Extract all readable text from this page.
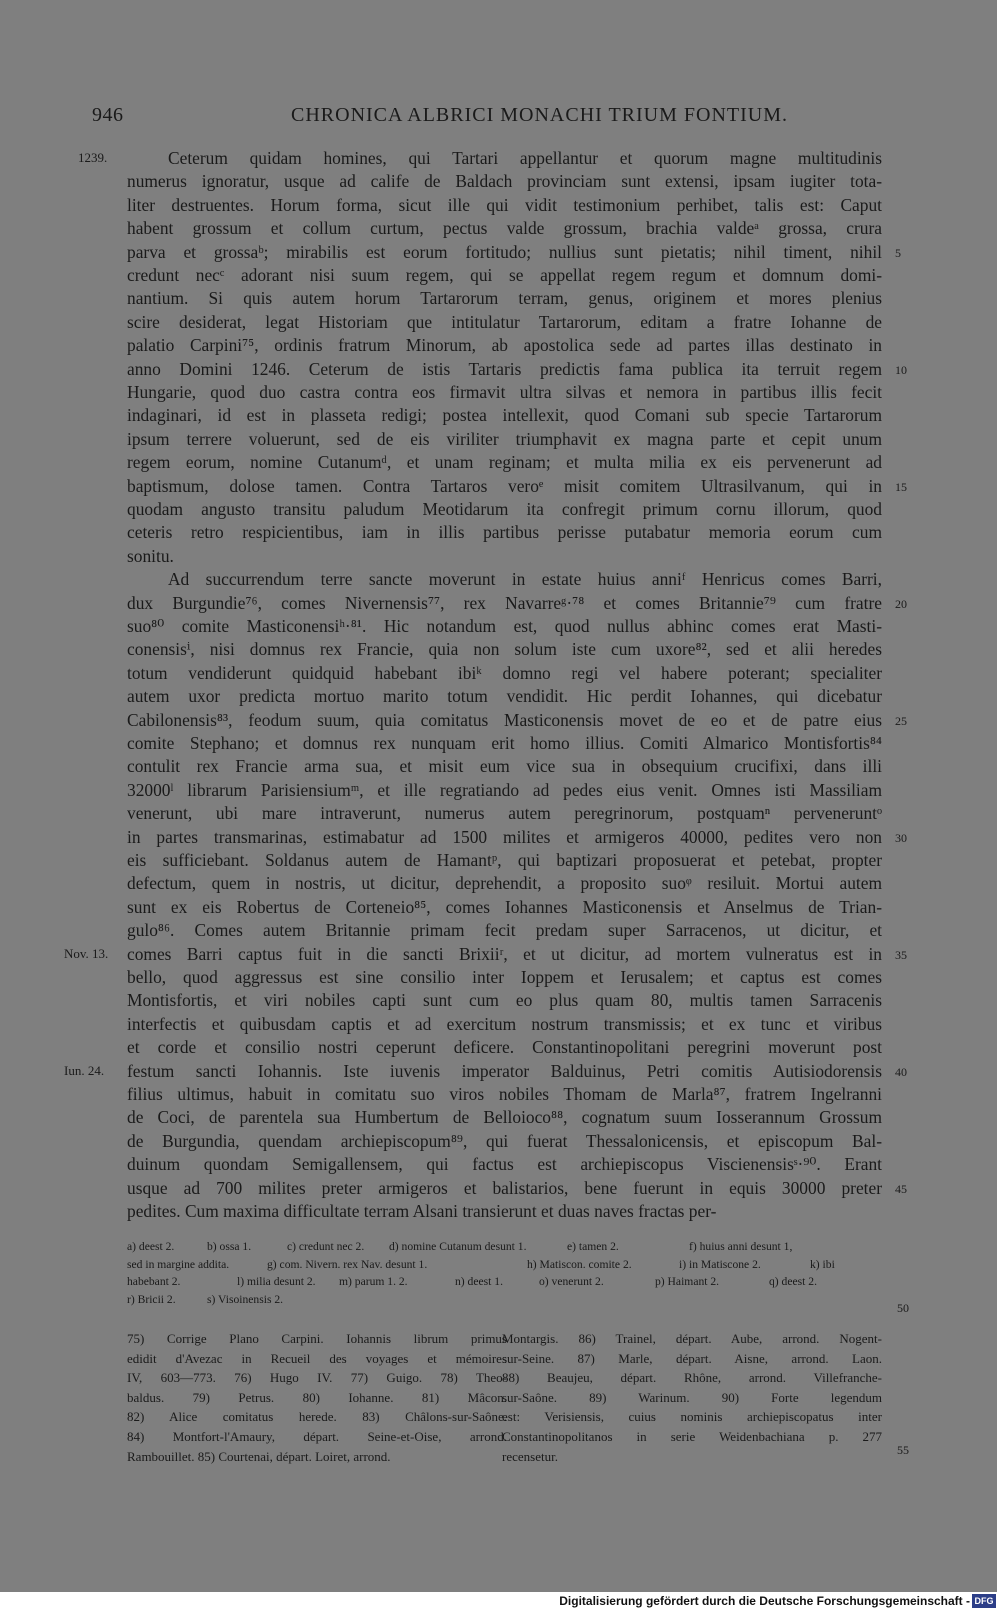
946	CHRONICA ALBRICI MONACHI TRIUM FONTIUM.
Ceterum quidam homines, qui Tartari appellantur et quorum magne multitudinis
numerus ignoratur, usque ad calife de Baldach provinciam sunt extensi, ipsam iugiter tota-
liter destruentes. Horum forma, sicut ille qui vidit testimonium perhibet, talis est: Caput
habent grossum et collum curtum, pectus valde grossum, brachia valdeᵃ grossa, crura
parva et grossaᵇ; mirabilis est eorum fortitudo; nullius sunt pietatis; nihil timent, nihil
credunt necᶜ adorant nisi suum regem, qui se appellat regem regum et domnum domi-
nantium. Si quis autem horum Tartarorum terram, genus, originem et mores plenius
scire desiderat, legat Historiam que intitulatur Tartarorum, editam a fratre Iohanne de
palatio Carpini⁷⁵, ordinis fratrum Minorum, ab apostolica sede ad partes illas destinato in
anno Domini 1246. Ceterum de istis Tartaris predictis fama publica ita terruit regem
Hungarie, quod duo castra contra eos firmavit ultra silvas et nemora in partibus illis fecit
indaginari, id est in plasseta redigi; postea intellexit, quod Comani sub specie Tartarorum
ipsum terrere voluerunt, sed de eis viriliter triumphavit ex magna parte et cepit unum
regem eorum, nomine Cutanumᵈ, et unam reginam; et multa milia ex eis pervenerunt ad
baptismum, dolose tamen. Contra Tartaros veroᵉ misit comitem Ultrasilvanum, qui in
quodam angusto transitu paludum Meotidarum ita confregit primum cornu illorum, quod
ceteris retro respicientibus, iam in illis partibus perisse putabatur memoria eorum cum
sonitu.
Ad succurrendum terre sancte moverunt in estate huius anniᶠ Henricus comes Barri,
dux Burgundie⁷⁶, comes Nivernensis⁷⁷, rex Navarreᵍ·⁷⁸ et comes Britannie⁷⁹ cum fratre
suo⁸⁰ comite Masticonensiʰ·⁸¹. Hic notandum est, quod nullus abhinc comes erat Masti-
conensisⁱ, nisi domnus rex Francie, quia non solum iste cum uxore⁸², sed et alii heredes
totum vendiderunt quidquid habebant ibiᵏ domno regi vel habere poterant; specialiter
autem uxor predicta mortuo marito totum vendidit. Hic perdit Iohannes, qui dicebatur
Cabilonensis⁸³, feodum suum, quia comitatus Masticonensis movet de eo et de patre eius
comite Stephano; et domnus rex nunquam erit homo illius. Comiti Almarico Montisfortis⁸⁴
contulit rex Francie arma sua, et misit eum vice sua in obsequium crucifixi, dans illi
32000ˡ librarum Parisiensiumᵐ, et ille regratiando ad pedes eius venit. Omnes isti Massiliam
venerunt, ubi mare intraverunt, numerus autem peregrinorum, postquamⁿ perveneruntᵒ
in partes transmarinas, estimabatur ad 1500 milites et armigeros 40000, pedites vero non
eis sufficiebant. Soldanus autem de Hamantᵖ, qui baptizari proposuerat et petebat, propter
defectum, quem in nostris, ut dicitur, deprehendit, a proposito suoᵠ resiluit. Mortui autem
sunt ex eis Robertus de Corteneio⁸⁵, comes Iohannes Masticonensis et Anselmus de Trian-
gulo⁸⁶. Comes autem Britannie primam fecit predam super Sarracenos, ut dicitur, et
comes Barri captus fuit in die sancti Brixiiʳ, et ut dicitur, ad mortem vulneratus est in
bello, quod aggressus est sine consilio inter Ioppem et Ierusalem; et captus est comes
Montisfortis, et viri nobiles capti sunt cum eo plus quam 80, multis tamen Sarracenis
interfectis et quibusdam captis et ad exercitum nostrum transmissis; et ex tunc et viribus
et corde et consilio nostri ceperunt deficere. Constantinopolitani peregrini moverunt post
festum sancti Iohannis. Iste iuvenis imperator Balduinus, Petri comitis Autisiodorensis
filius ultimus, habuit in comitatu suo viros nobiles Thomam de Marla⁸⁷, fratrem Ingelranni
de Coci, de parentela sua Humbertum de Belloioco⁸⁸, cognatum suum Iosserannum Grossum
de Burgundia, quendam archiepiscopum⁸⁹, qui fuerat Thessalonicensis, et episcopum Bal-
duinum quondam Semigallensem, qui factus est archiepiscopus Viscienensisˢ·⁹⁰. Erant
usque ad 700 milites preter armigeros et balistarios, bene fuerunt in equis 30000 preter
pedites. Cum maxima difficultate terram Alsani transierunt et duas naves fractas per-
1239.
Nov. 13.
Iun. 24.
5
10
15
20
25
30
35
40
45
a) deest 2.	b) ossa 1.	c) credunt nec 2. d) nomine Cutanum desunt 1.	e) tamen 2.	f) huius anni desunt 1,
sed in margine addita.	g) com. Nivern. rex Nav. desunt 1.	h) Matiscon. comite 2.	i) in Matiscone 2.	k) ibi
habebant 2.	l) milia desunt 2. m) parum 1. 2.	n) deest 1.	o) venerunt 2.	p) Haimant 2.	q) deest 2.
r) Bricii 2.	s) Visoinensis 2.
50
75) Corrige Plano Carpini. Iohannis librum primus
edidit d'Avezac in Recueil des voyages et mémoires
IV, 603—773. 76) Hugo IV. 77) Guigo. 78) Theo-
baldus. 79) Petrus. 80) Iohanne. 81) Mâcon.
82) Alice comitatus herede. 83) Châlons-sur-Saône.
84) Montfort-l'Amaury, départ. Seine-et-Oise, arrond.
Rambouillet. 85) Courtenai, départ. Loiret, arrond.
Montargis. 86) Trainel, départ. Aube, arrond. Nogent-
sur-Seine. 87) Marle, départ. Aisne, arrond. Laon.
88) Beaujeu, départ. Rhône, arrond. Villefranche-
sur-Saône. 89) Warinum. 90) Forte legendum
est: Verisiensis, cuius nominis archiepiscopatus inter
Constantinopolitanos in serie Weidenbachiana p. 277
recensetur.	55
Digitalisierung gefördert durch die Deutsche Forschungsgemeinschaft - DFG
